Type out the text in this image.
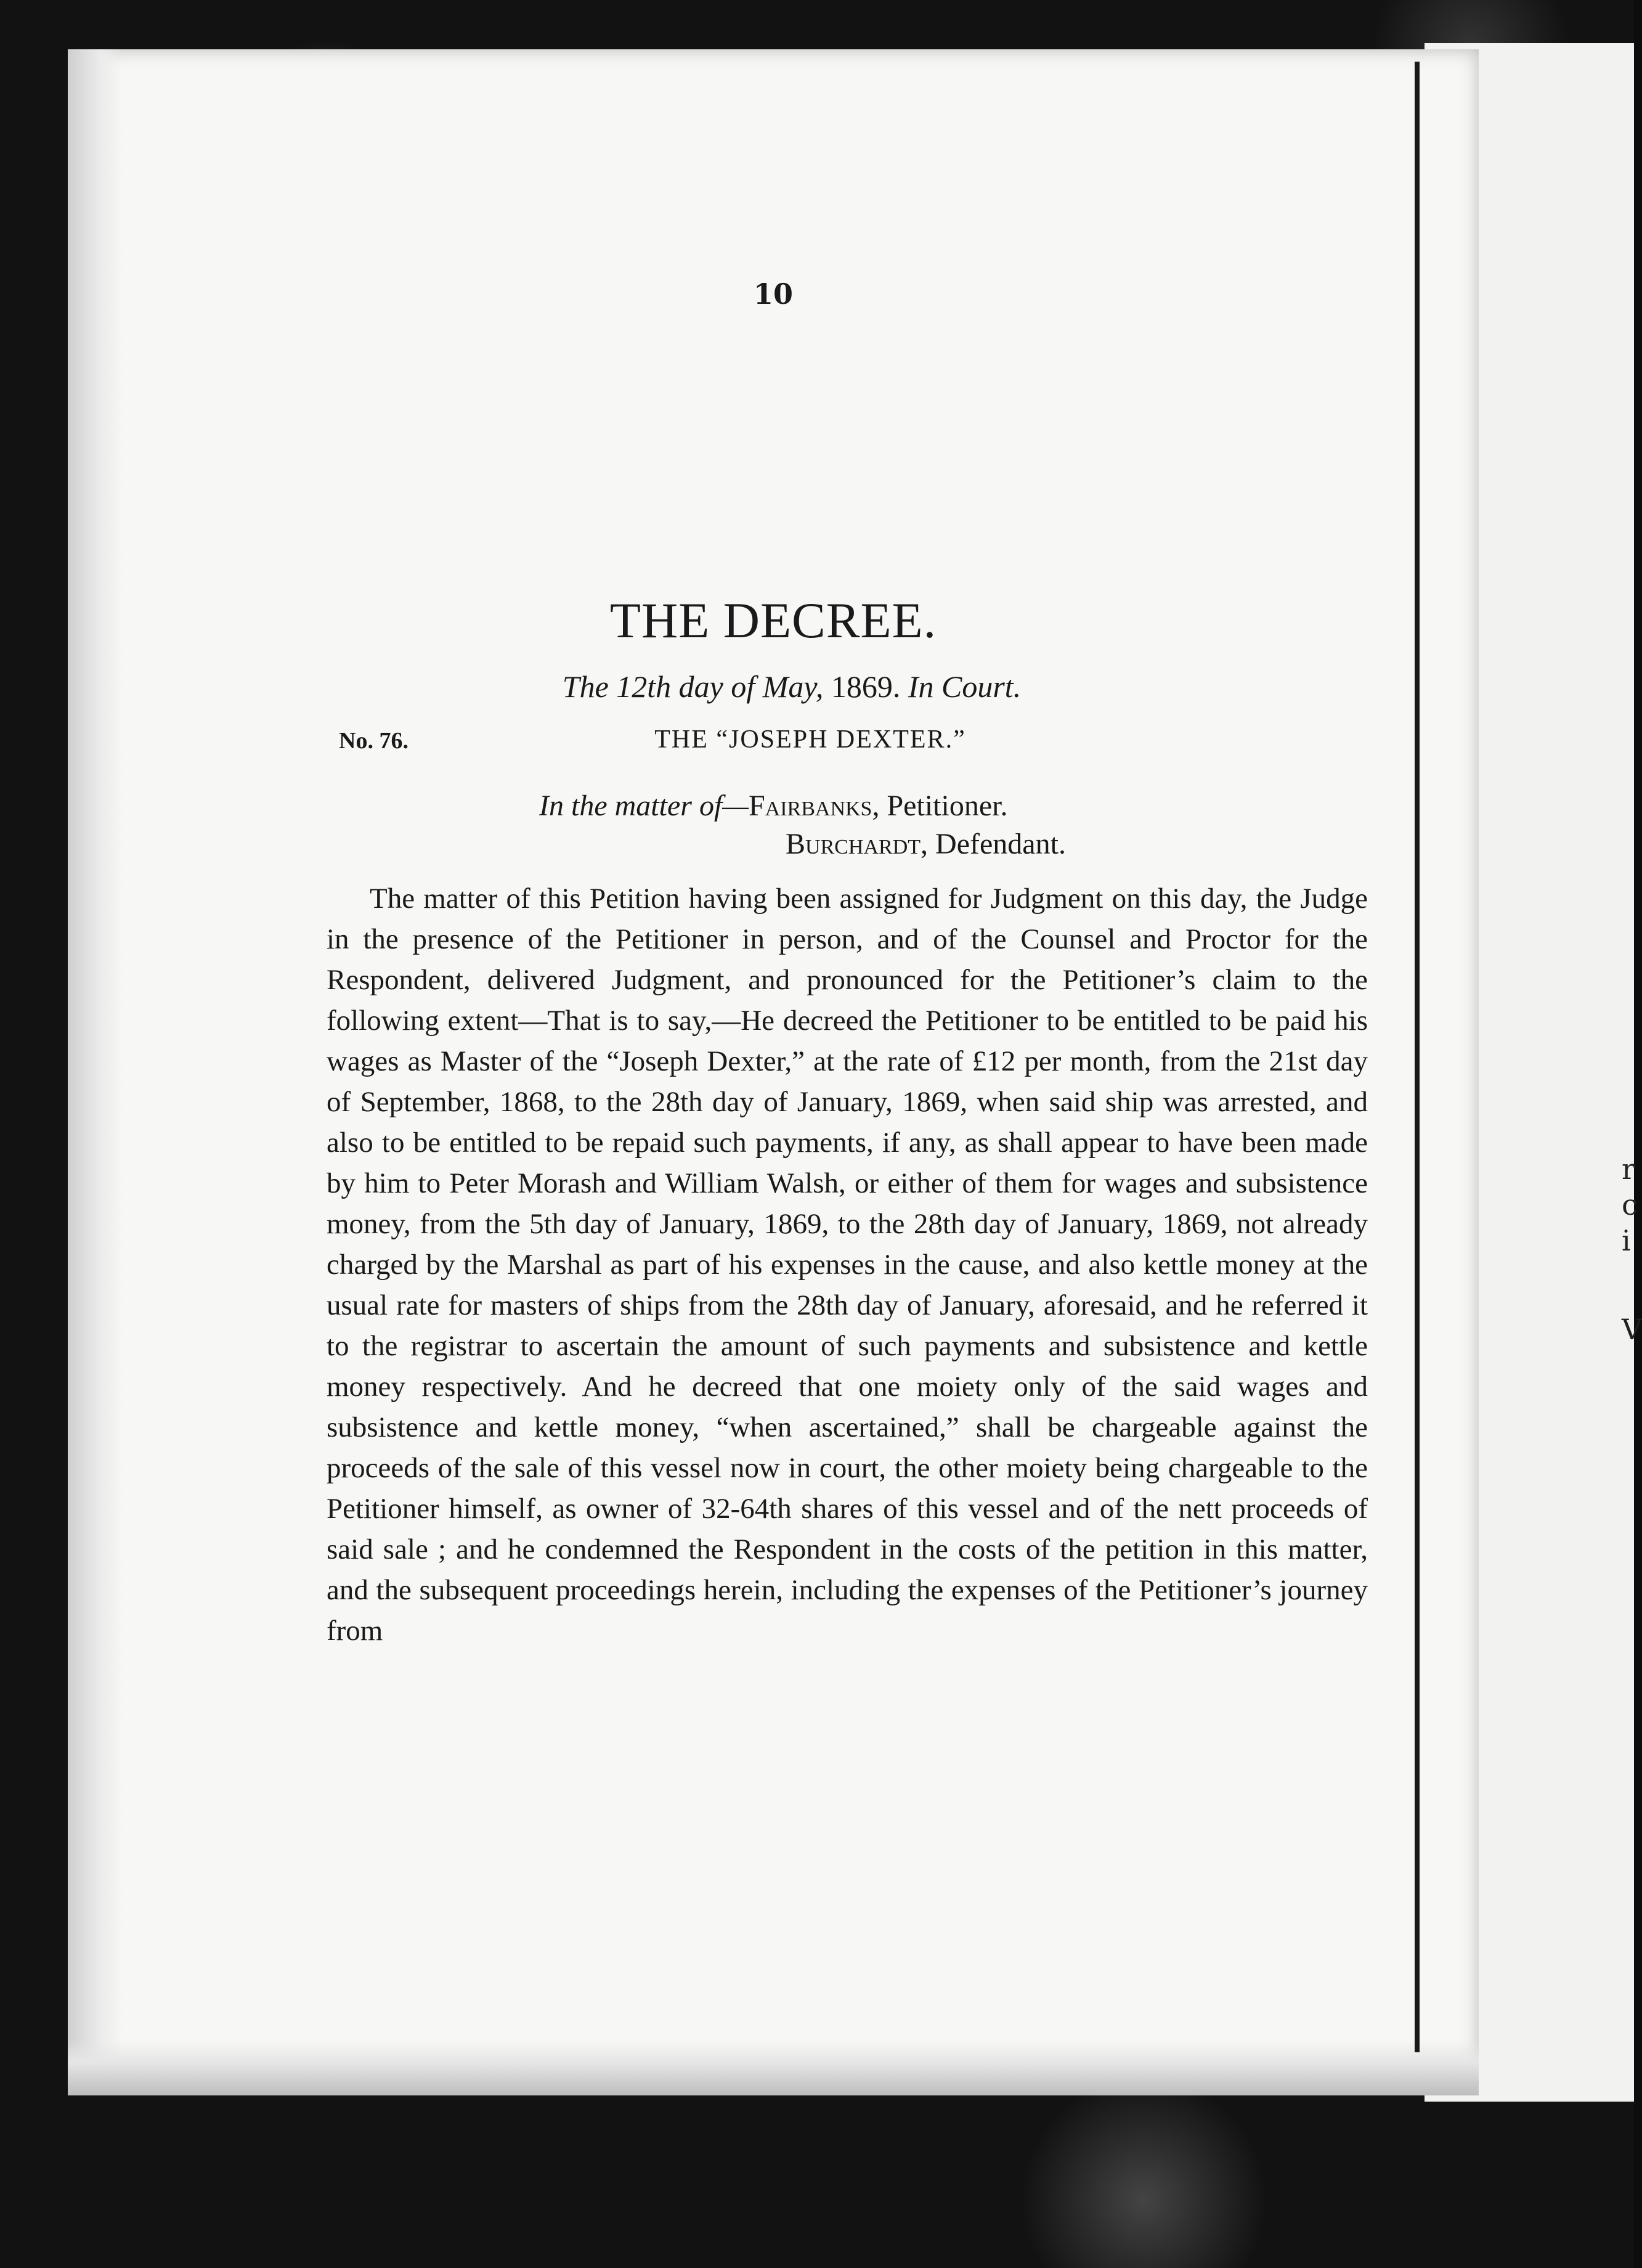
r
c
i
V
10
THE DECREE.
The 12th day of May, 1869. In Court.
No. 76.	THE “JOSEPH DEXTER.”
In the matter of—Fairbanks, Petitioner.
Burchardt, Defendant.

The matter of this Petition having been assigned for Judgment on this day, the Judge in the presence of the Petitioner in person, and of the Counsel and Proctor for the Respondent, delivered Judgment, and pronounced for the Petitioner’s claim to the following extent—That is to say,—He decreed the Petitioner to be entitled to be paid his wages as Master of the “Joseph Dexter,” at the rate of £12 per month, from the 21st day of September, 1868, to the 28th day of January, 1869, when said ship was arrested, and also to be entitled to be repaid such payments, if any, as shall appear to have been made by him to Peter Morash and William Walsh, or either of them for wages and subsistence money, from the 5th day of January, 1869, to the 28th day of January, 1869, not already charged by the Marshal as part of his expenses in the cause, and also kettle money at the usual rate for masters of ships from the 28th day of January, aforesaid, and he referred it to the registrar to ascertain the amount of such payments and subsistence and kettle money respectively. And he decreed that one moiety only of the said wages and subsistence and kettle money, “when ascertained,” shall be chargeable against the proceeds of the sale of this vessel now in court, the other moiety being chargeable to the Petitioner himself, as owner of 32-64th shares of this vessel and of the nett proceeds of said sale ; and he condemned the Respondent in the costs of the petition in this matter, and the subsequent proceedings herein, including the expenses of the Petitioner’s journey from
